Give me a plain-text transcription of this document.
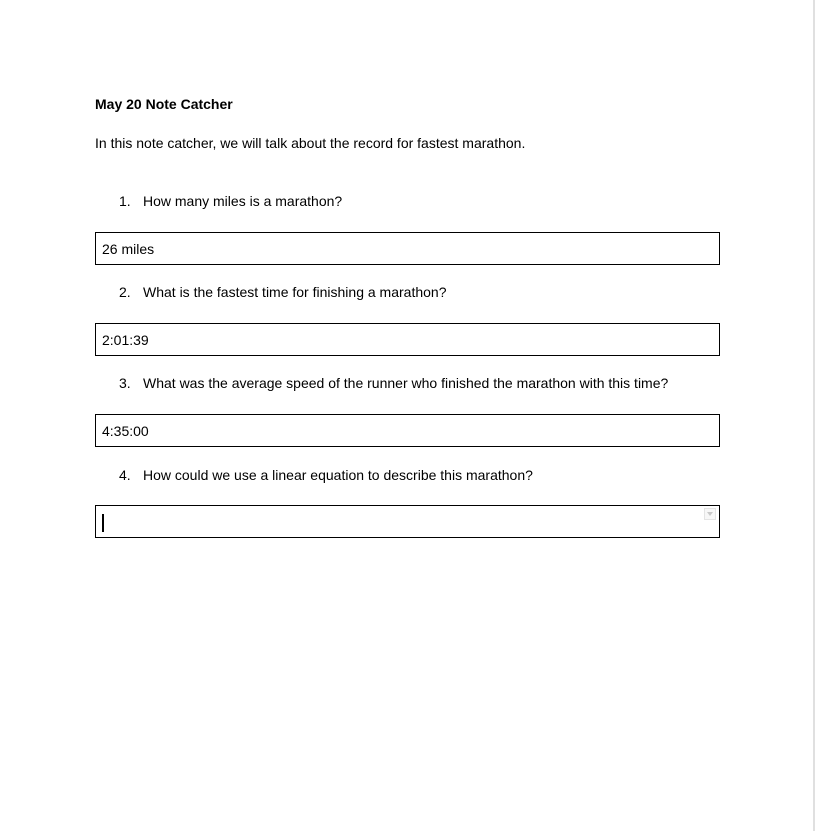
May 20 Note Catcher
In this note catcher, we will talk about the record for fastest marathon.
1. How many miles is a marathon?
26 miles
2. What is the fastest time for finishing a marathon?
2:01:39
3. What was the average speed of the runner who finished the marathon with this time?
4:35:00
4. How could we use a linear equation to describe this marathon?
